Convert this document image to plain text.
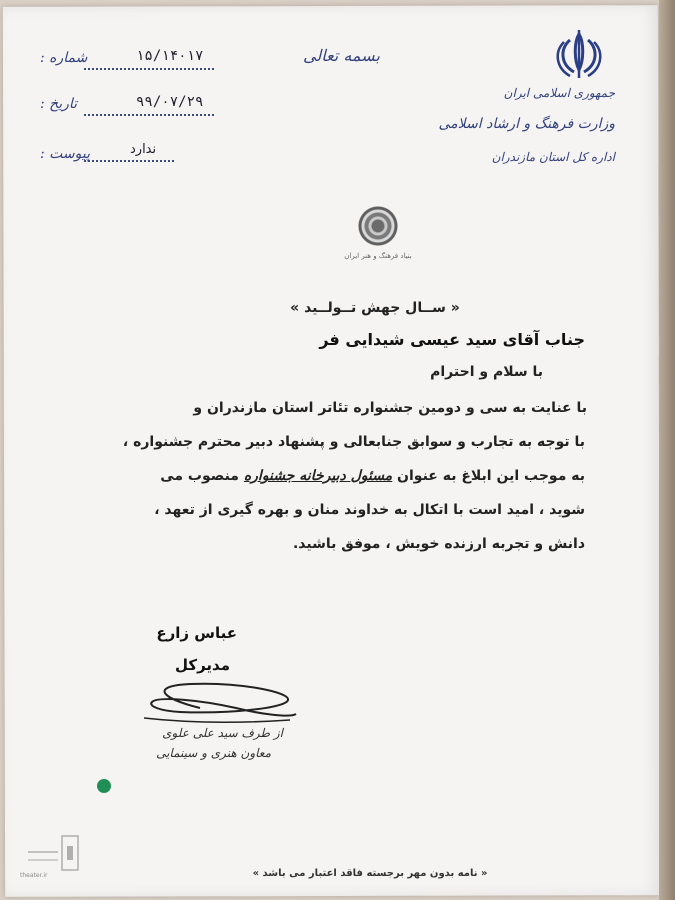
جمهوری اسلامی ایران
وزارت فرهنگ و ارشاد اسلامی
اداره کل استان مازندران
بسمه تعالی
شماره :	۱۵/۱۴۰۱۷
تاریخ :	۹۹/۰۷/۲۹
پیوست :	ندارد
بنیاد فرهنگ و هنر ایران
« ســال جهش تــولــيد »
جناب آقای سید عیسی شیدایی فر
با سلام و احترام
با عنایت به سی و دومین جشنواره تئاتر استان مازندران و
با توجه به تجارب و سوابق جنابعالی و پشنهاد دبیر محترم جشنواره ،
به موجب این ابلاغ به عنوان مسئول دبیرخانه جشنواره منصوب می
شوید ، امید است با اتکال به خداوند منان و بهره گیری از تعهد ،
دانش و تجربه ارزنده خویش ، موفق باشید.
عباس زارع
مدیرکل
از طرف سید علی علوی
معاون هنری و سینمایی
theater.ir	« نامه بدون مهر برجسته فاقد اعتبار می باشد »
